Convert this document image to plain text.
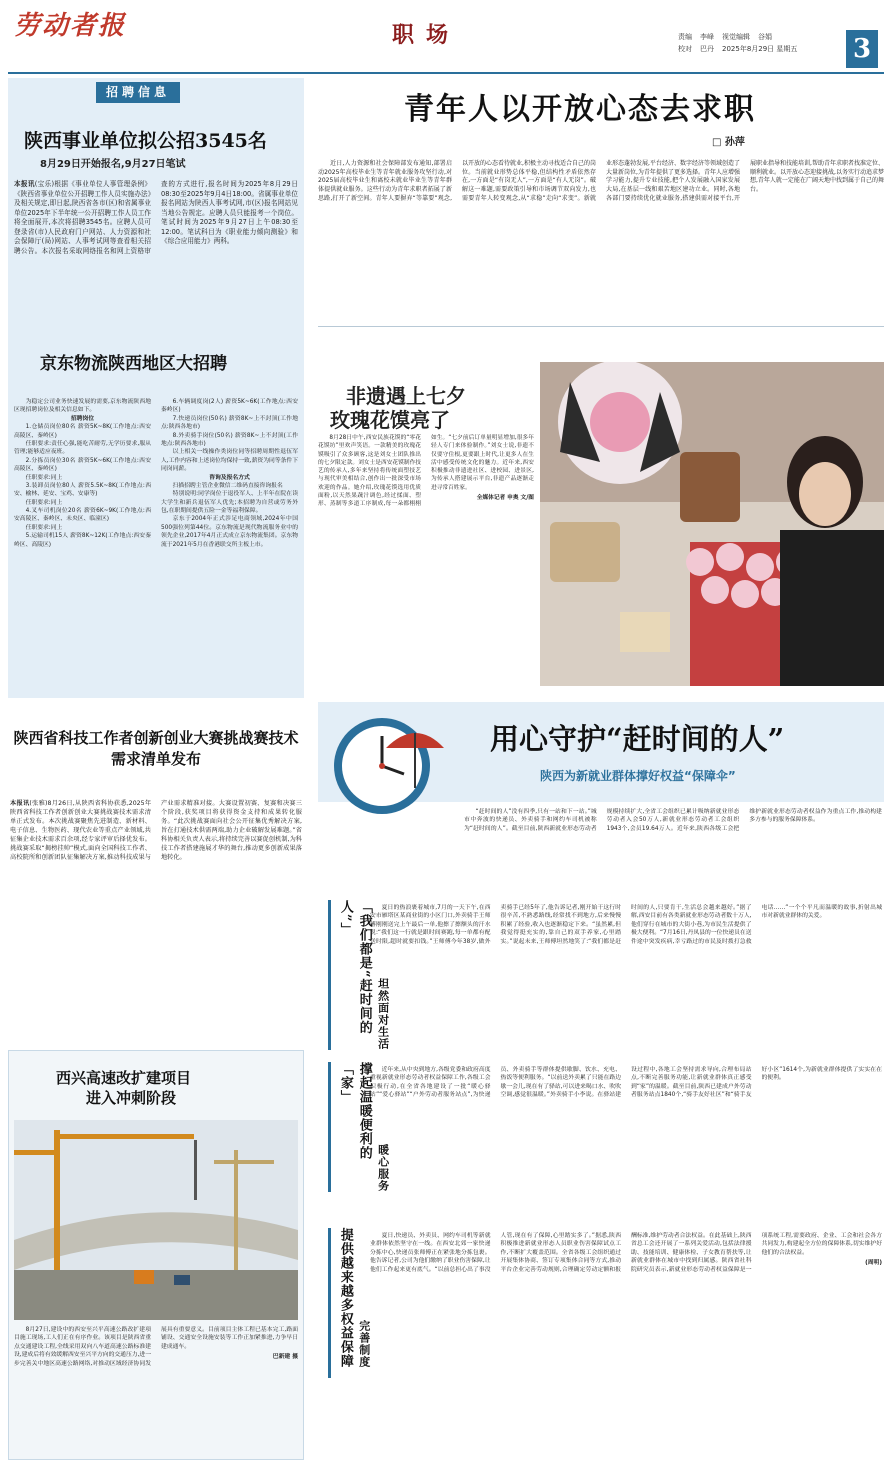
劳动者报	职场	责编 李峰 视觉编辑 谷娟
校对 巴丹 2025年8月29日 星期五	3
招聘信息
陕西事业单位拟公招3545名
8月29日开始报名,9月27日笔试
本报讯(宝乐)根据《事业单位人事管理条例》《陕西省事业单位公开招聘工作人员实施办法》及相关规定,即日起,陕西省各市(区)和省属事业单位2025年下半年统一公开招聘工作人员工作将全面展开,本次将招聘3545名。应聘人员可登录省(市)人民政府门户网站、人力资源和社会保障厅(局)网站、人事考试网等查看相关招聘公告。本次报名采取网络报名和网上资格审查的方式进行,报名时间为2025年8月29日08:30至2025年9月4日18:00。省属事业单位报名网站为陕西人事考试网,市(区)报名网站见当地公告规定。应聘人员只能报考一个岗位。笔试时间为2025年9月27日上午08:30至12:00。笔试科目为《职业能力倾向测验》和《综合应用能力》两科。
京东物流陕西地区大招聘
为稳定公司业务快速发展的需要,京东物流陕西地区现招聘岗位及相关信息如下。
招聘岗位
1.仓储员岗位80名 薪资5K~8K(工作地点:西安高陵区、秦岭区)
任职要求:责任心强,能吃苦耐劳,无学历要求,服从管理;能够适应夜班。
2.分拣员岗位30名 薪资5K~6K(工作地点:西安高陵区、秦岭区)
任职要求:同上
3.装卸员岗位80人 薪资5.5K~8K(工作地点:西安、榆林、延安、宝鸡、安康等)
任职要求:同上
4.叉车司机岗位20名 薪资6K~9K(工作地点:西安高陵区、秦岭区、未央区、临潼区)
任职要求:同上
5.运输司机15人 薪资8K~12K(工作地点:西安秦岭区、高陵区)
6.车辆调度岗(2人) 薪资5K~6K(工作地点:西安秦岭区)
7.快递员岗位(50名) 薪资8K~上不封顶(工作地点:陕西各地市)
8.外卖骑手岗位(50名) 薪资8K~上不封顶(工作地点:陕西各地市)
以上相关一线操作类岗位同等招聘周期性退伍军人,工作内容和上述岗位均保持一致,薪资为同等条件下同岗同薪。
咨询及报名方式
扫描招聘主管企业微信二维码直接咨询报名
特别说明:同学岗位于退役军人、上半年在院在读大学生和新兵退伍军人优先;本招聘为自营或劳务外包,在职期间提供五险一金等福利保障。
京东于2004年正式涉足电商领域,2024年中国500强位列第44位。京东物流是现代物流服务业中的领先企业,2017年4月正式成立京东物流集团。京东物流于2021年5月在香港联交所主板上市。
青年人以开放心态去求职
□ 孙萍
近日,人力资源和社会保障部发布通知,部署启动2025年高校毕业生等青年就业服务攻坚行动,对2025届高校毕业生和离校未就业毕业生等青年群体提供就业服务。这些行动为青年求职者拓展了新思路,打开了新空间。青年人要摒弃“等靠要”观念,以开放的心态看待就业,积极主动寻找适合自己的岗位。当前就业形势总体平稳,但结构性矛盾依然存在,一方面是“有岗无人”,一方面是“有人无岗”。破解这一难题,需要政策引导和市场调节双向发力,也需要青年人转变观念,从“求稳”走向“求变”。新就业形态蓬勃发展,平台经济、数字经济等领域创造了大量新岗位,为青年提供了更多选择。青年人应增强学习能力,提升专业技能,把个人发展融入国家发展大局,在基层一线和艰苦地区建功立业。同时,各地各部门要持续优化就业服务,搭建供需对接平台,开展职业指导和技能培训,帮助青年求职者找准定位、顺利就业。以开放心态迎接挑战,以务实行动追求梦想,青年人就一定能在广阔天地中找到属于自己的舞台。
非遗遇上七夕
玫瑰花馍亮了
8月28日中午,西安民族花馍的“零花花馍坊”里欢声笑语。一款精美的玫瑰花馍吸引了众多顾客,这是刘女士团队推出的七夕限定款。刘女士是西安花馍制作技艺的传承人,多年来坚持将传统面塑技艺与现代审美相结合,创作出一批深受市场欢迎的作品。她介绍,玫瑰花馍选用优质面粉,以天然果蔬汁调色,经过揉面、塑形、蒸制等多道工序制成,每一朵都栩栩如生。“七夕前后订单量明显增加,很多年轻人专门来体验制作。”刘女士说,非遗不仅要守住根,更要跟上时代,让更多人在生活中感受传统文化的魅力。近年来,西安积极推动非遗进社区、进校园、进景区,为传承人搭建展示平台,非遗产品逐渐走进寻常百姓家。
全媒体记者 申奥 文/图
陕西省科技工作者创新创业大赛挑战赛技术需求清单发布
本报讯(张雅)8月26日,从陕西省科协获悉,2025年陕西省科技工作者创新创业大赛挑战赛技术需求清单正式发布。本次挑战赛聚焦先进制造、新材料、电子信息、生物医药、现代农业等重点产业领域,共征集企业技术需求百余项,经专家评审后择优发布。挑战赛采取“揭榜挂帅”模式,面向全国科技工作者、高校院所和创新团队征集解决方案,推动科技成果与产业需求精准对接。大赛设置初赛、复赛和决赛三个阶段,获奖项目将获得资金支持和成果转化服务。“此次挑战赛面向社会公开征集优秀解决方案,旨在打通技术供需两端,助力企业破解发展难题。”省科协相关负责人表示,将持续完善以赛促创机制,为科技工作者搭建施展才华的舞台,推动更多创新成果落地转化。
西兴高速改扩建项目
进入冲刺阶段
8月27日,建设中的西安至兴平高速公路改扩建项目施工现场,工人们正在有序作业。该项目是陕西省重点交通建设工程,全线采用双向八车道高速公路标准建设,建成后将有效缓解西安至兴平方向的交通压力,进一步完善关中地区高速公路网络,对推动区域经济协同发展具有重要意义。目前项目主体工程已基本完工,路面铺设、交通安全设施安装等工作正加紧推进,力争早日建成通车。
巴新建 摄
用心守护“赶时间的人”
陕西为新就业群体撑好权益“保障伞”
“赶时间的人”没有四季,只有一站和下一站。”城市中奔波的快递员、外卖骑手和网约车司机被称为“赶时间的人”。截至目前,陕西新就业形态劳动者规模持续扩大,全省工会组织已累计吸纳新就业形态劳动者入会50万人,新就业形态劳动者工会组织1943个,会员19.64万人。近年来,陕西各级工会把维护新就业形态劳动者权益作为重点工作,推动构建多方参与的服务保障体系。
「我们都是“赶时间的人”」 坦然面对生活
夏日的热浪裹着城市,7月的一天下午,在西安市雁塔区某商业街的小区门口,外卖骑手王师傅刚刚送完上午最后一单,他擦了擦额头的汗水说:“我们这一行就是跟时间赛跑,每一单都有配送时限,超时就要扣钱。”王师傅今年38岁,做外卖骑手已经5年了,他告诉记者,刚开始干这行时很辛苦,不熟悉路线,经常找不到地方,后来慢慢积累了经验,收入也逐渐稳定下来。“虽然累,但我觉得挺充实的,靠自己的双手养家,心里踏实。”说起未来,王师傅坦然地笑了:“我们都是赶时间的人,只要肯干,生活总会越来越好。”据了解,西安目前有各类新就业形态劳动者数十万人,他们穿行在城市的大街小巷,为市民生活提供了极大便利。“7月16日,丹凤县的一位快递员在送件途中突发疾病,幸亏路过的市民及时拨打急救电话……”一个个平凡而温暖的故事,折射出城市对新就业群体的关爱。
撑起温暖便利的「家」 暖心服务
近年来,从中央到地方,各级党委和政府高度重视新就业形态劳动者权益保障工作,各级工会积极行动,在全省各地建设了一批“暖心驿站”“爱心驿站”“户外劳动者服务站点”,为快递员、外卖骑手等群体提供歇脚、饮水、充电、热饭等便利服务。“以前送外卖累了只能在路边歇一会儿,现在有了驿站,可以进来喝口水、吹吹空调,感觉很温暖。”外卖骑手小李说。在驿站建设过程中,各地工会坚持需求导向,合理布局站点,不断完善服务功能,让新就业群体真正感受到“家”的温暖。截至目前,陕西已建成户外劳动者服务站点1840个,“骑手友好社区”和“骑手友好小区”1614个,为新就业群体提供了实实在在的便利。
提供越来越多权益保障 完善制度
夏日,快递员、外卖员、网约车司机等新就业群体依然坚守在一线。在西安北郊一家快递分拣中心,快递员张师傅正在紧张地分拣包裹。他告诉记者,公司为他们缴纳了职业伤害保障,让他们工作起来更有底气。“以前总担心出了事没人管,现在有了保障,心里踏实多了。”据悉,陕西积极推进新就业形态人员职业伤害保障试点工作,不断扩大覆盖范围。全省各级工会组织通过开展集体协商、签订专项集体合同等方式,推动平台企业完善劳动规则,合理确定劳动定额和报酬标准,维护劳动者合法权益。在此基础上,陕西省总工会还开展了一系列关爱活动,包括法律援助、技能培训、健康体检、子女教育帮扶等,让新就业群体在城市中找到归属感。陕西省社科院研究员表示,新就业形态劳动者权益保障是一项系统工程,需要政府、企业、工会和社会各方共同发力,构建起全方位的保障体系,切实维护好他们的合法权益。
(周明)
